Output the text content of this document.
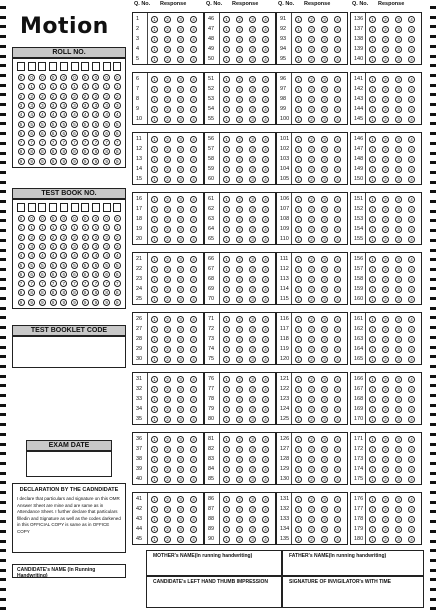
Motion
ROLL NO.
0
1
2
3
4
5
6
7
8
9
0
1
2
3
4
5
6
7
8
9
0
1
2
3
4
5
6
7
8
9
0
1
2
3
4
5
6
7
8
9
0
1
2
3
4
5
6
7
8
9
0
1
2
3
4
5
6
7
8
9
0
1
2
3
4
5
6
7
8
9
0
1
2
3
4
5
6
7
8
9
0
1
2
3
4
5
6
7
8
9
0
1
2
3
4
5
6
7
8
9
TEST BOOK NO.
0
1
2
3
4
5
6
7
8
9
0
1
2
3
4
5
6
7
8
9
0
1
2
3
4
5
6
7
8
9
0
1
2
3
4
5
6
7
8
9
0
1
2
3
4
5
6
7
8
9
0
1
2
3
4
5
6
7
8
9
0
1
2
3
4
5
6
7
8
9
0
1
2
3
4
5
6
7
8
9
0
1
2
3
4
5
6
7
8
9
0
1
2
3
4
5
6
7
8
9
TEST BOOKLET CODE
EXAM DATE
DECLARATION BY THE CADNDIDATE
I declare that particulars and signature on this OMR Answer Sheet are mine and are same as in Attendance Sheet. I further declare that particulars filledin and Signature as well as the codes darkened in this OFFICIAL COPY is same as in OFFICE COPY
CANDIDATE's NAME (In Running Handwriting)
Q. No. Response
1	1	2	3	4
2	1	2	3	4
3	1	2	3	4
4	1	2	3	4
5	1	2	3	4
6	1	2	3	4
7	1	2	3	4
8	1	2	3	4
9	1	2	3	4
10	1	2	3	4
11	1	2	3	4
12	1	2	3	4
13	1	2	3	4
14	1	2	3	4
15	1	2	3	4
16	1	2	3	4
17	1	2	3	4
18	1	2	3	4
19	1	2	3	4
20	1	2	3	4
21	1	2	3	4
22	1	2	3	4
23	1	2	3	4
24	1	2	3	4
25	1	2	3	4
26	1	2	3	4
27	1	2	3	4
28	1	2	3	4
29	1	2	3	4
30	1	2	3	4
31	1	2	3	4
32	1	2	3	4
33	1	2	3	4
34	1	2	3	4
35	1	2	3	4
36	1	2	3	4
37	1	2	3	4
38	1	2	3	4
39	1	2	3	4
40	1	2	3	4
41	1	2	3	4
42	1	2	3	4
43	1	2	3	4
44	1	2	3	4
45	1	2	3	4
Q. No. Response
46	1	2	3	4
47	1	2	3	4
48	1	2	3	4
49	1	2	3	4
50	1	2	3	4
51	1	2	3	4
52	1	2	3	4
53	1	2	3	4
54	1	2	3	4
55	1	2	3	4
56	1	2	3	4
57	1	2	3	4
58	1	2	3	4
59	1	2	3	4
60	1	2	3	4
61	1	2	3	4
62	1	2	3	4
63	1	2	3	4
64	1	2	3	4
65	1	2	3	4
66	1	2	3	4
67	1	2	3	4
68	1	2	3	4
69	1	2	3	4
70	1	2	3	4
71	1	2	3	4
72	1	2	3	4
73	1	2	3	4
74	1	2	3	4
75	1	2	3	4
76	1	2	3	4
77	1	2	3	4
78	1	2	3	4
79	1	2	3	4
80	1	2	3	4
81	1	2	3	4
82	1	2	3	4
83	1	2	3	4
84	1	2	3	4
85	1	2	3	4
86	1	2	3	4
87	1	2	3	4
88	1	2	3	4
89	1	2	3	4
90	1	2	3	4
Q. No. Response
91	1	2	3	4
92	1	2	3	4
93	1	2	3	4
94	1	2	3	4
95	1	2	3	4
96	1	2	3	4
97	1	2	3	4
98	1	2	3	4
99	1	2	3	4
100	1	2	3	4
101	1	2	3	4
102	1	2	3	4
103	1	2	3	4
104	1	2	3	4
105	1	2	3	4
106	1	2	3	4
107	1	2	3	4
108	1	2	3	4
109	1	2	3	4
110	1	2	3	4
111	1	2	3	4
112	1	2	3	4
113	1	2	3	4
114	1	2	3	4
115	1	2	3	4
116	1	2	3	4
117	1	2	3	4
118	1	2	3	4
119	1	2	3	4
120	1	2	3	4
121	1	2	3	4
122	1	2	3	4
123	1	2	3	4
124	1	2	3	4
125	1	2	3	4
126	1	2	3	4
127	1	2	3	4
128	1	2	3	4
129	1	2	3	4
130	1	2	3	4
131	1	2	3	4
132	1	2	3	4
133	1	2	3	4
134	1	2	3	4
135	1	2	3	4
Q. No. Response
136	1	2	3	4
137	1	2	3	4
138	1	2	3	4
139	1	2	3	4
140	1	2	3	4
141	1	2	3	4
142	1	2	3	4
143	1	2	3	4
144	1	2	3	4
145	1	2	3	4
146	1	2	3	4
147	1	2	3	4
148	1	2	3	4
149	1	2	3	4
150	1	2	3	4
151	1	2	3	4
152	1	2	3	4
153	1	2	3	4
154	1	2	3	4
155	1	2	3	4
156	1	2	3	4
157	1	2	3	4
158	1	2	3	4
159	1	2	3	4
160	1	2	3	4
161	1	2	3	4
162	1	2	3	4
163	1	2	3	4
164	1	2	3	4
165	1	2	3	4
166	1	2	3	4
167	1	2	3	4
168	1	2	3	4
169	1	2	3	4
170	1	2	3	4
171	1	2	3	4
172	1	2	3	4
173	1	2	3	4
174	1	2	3	4
175	1	2	3	4
176	1	2	3	4
177	1	2	3	4
178	1	2	3	4
179	1	2	3	4
180	1	2	3	4
MOTHER's NAME(In running handwriting)	FATHER's NAME(In running handwriting)
CANDIDATE's LEFT HAND THUMB IMPRESSION	SIGNATURE OF INVIGILATOR's WITH TIME
